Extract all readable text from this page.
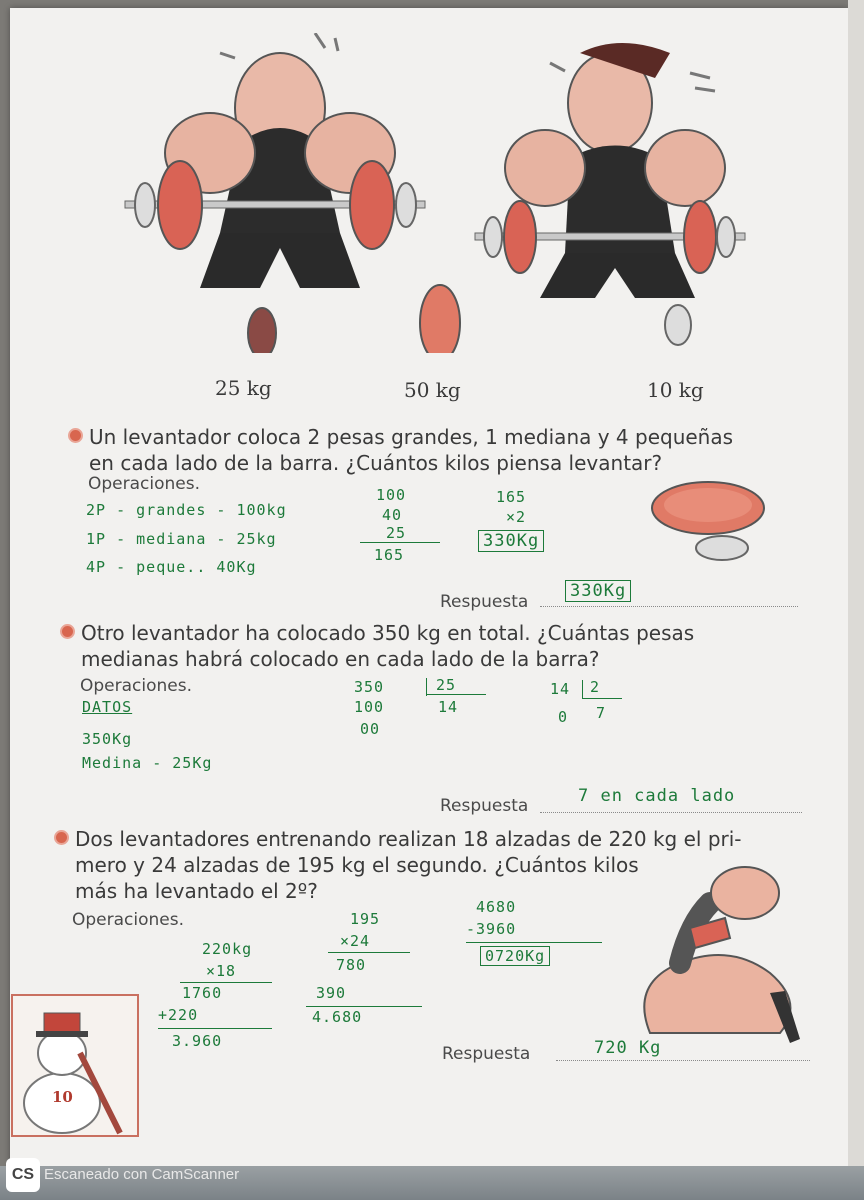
25 kg	50 kg	10 kg
Un levantador coloca 2 pesas grandes, 1 mediana y 4 pequeñas
en cada lado de la barra. ¿Cuántos kilos piensa levantar?
Operaciones.
2P - grandes - 100kg
1P - mediana - 25kg
4P - peque.. 40Kg
100
40
25
165
165
×2
330Kg
Respuesta
330Kg
Otro levantador ha colocado 350 kg en total. ¿Cuántas pesas
medianas habrá colocado en cada lado de la barra?
Operaciones.
DATOS
350Kg
Medina - 25Kg
350
100
00
25
14
14 2
0 7
Respuesta	7 en cada lado
Dos levantadores entrenando realizan 18 alzadas de 220 kg el pri-
mero y 24 alzadas de 195 kg el segundo. ¿Cuántos kilos
más ha levantado el 2º?
Operaciones.
220kg
×18
1760
+220
3.960
195
×24
780
390
4.680
4680
-3960
0720Kg
Respuesta	720 Kg
10
CS Escaneado con CamScanner
